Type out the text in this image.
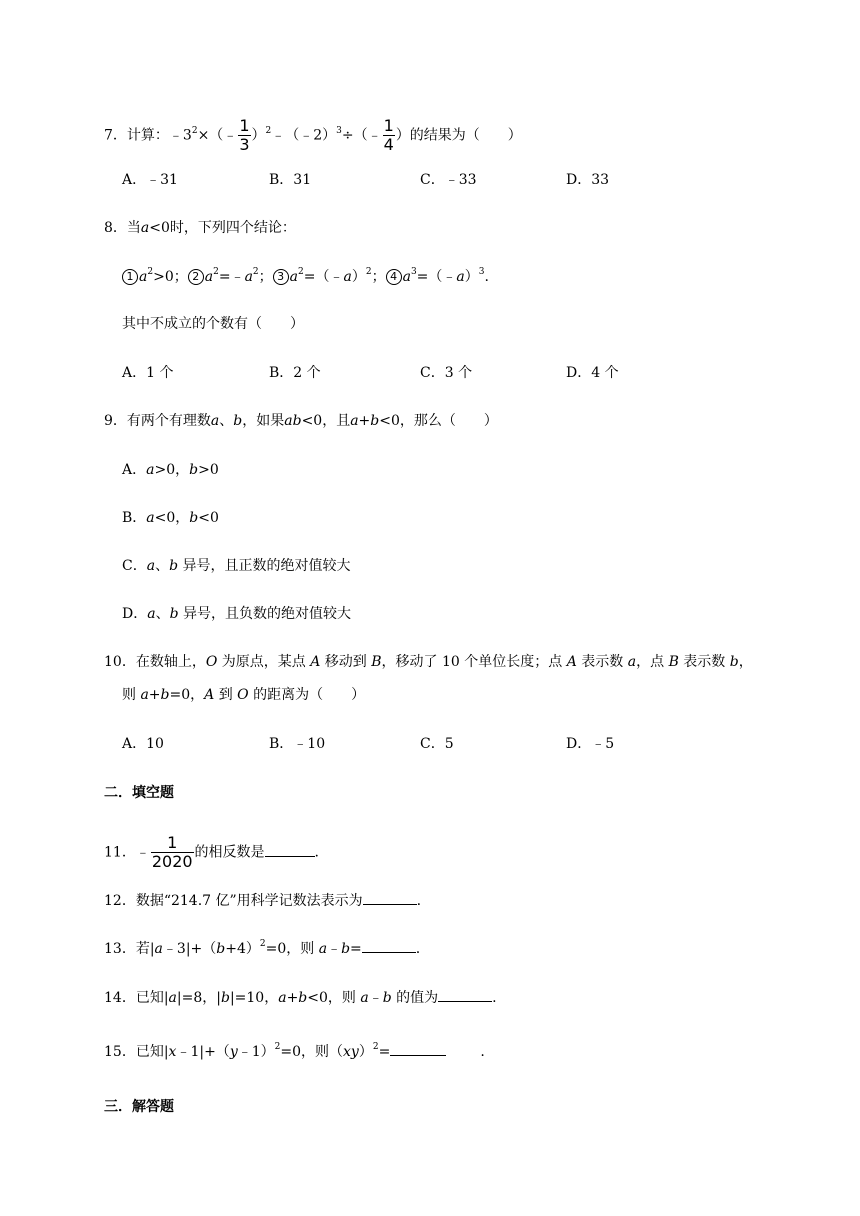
7．计算：$﹣3^2\times(﹣ \frac{1}{3}$ ）$^2$﹣（﹣2）$^3$÷（﹣ $\frac{1}{4}$ ）的结果为（　　）
A．﹣31	B．31	C．﹣33	D．33
8．当a<0时，下列四个结论：
1 $a^2>0$； 2 $a^2=﹣a^2$； 3 $a^2=(﹣a)^2$； 4 $a^3=(﹣a)^3$.
其中不成立的个数有（　　）
A．1 个	B．2 个	C．3 个	D．4 个
9．有两个有理数a、b，如果ab<0，且a+b<0，那么（　　）
A．a>0，b>0
B．a<0，b<0
C．a、b 异号，且正数的绝对值较大
D．a、b 异号，且负数的绝对值较大
10．在数轴上，O 为原点，某点 A 移动到 B，移动了 10 个单位长度；点 A 表示数 a，点 B 表示数 b，
则 a+b=0，A 到 O 的距离为（　　）
A．10	B．﹣10	C．5	D．﹣5
二．填空题
11．﹣ $\frac{1}{2020}$ 的相反数是	.
12．数据“214.7 亿”用科学记数法表示为	.
13．若$|a﹣3|+(b+4)^2=0$，则 a﹣b=	.
14．已知|a|=8，|b|=10，a+b<0，则 a﹣b 的值为	.
15．已知|x﹣1|+（y﹣1）$^2$=0，则（xy）$^2$=	.
三．解答题
